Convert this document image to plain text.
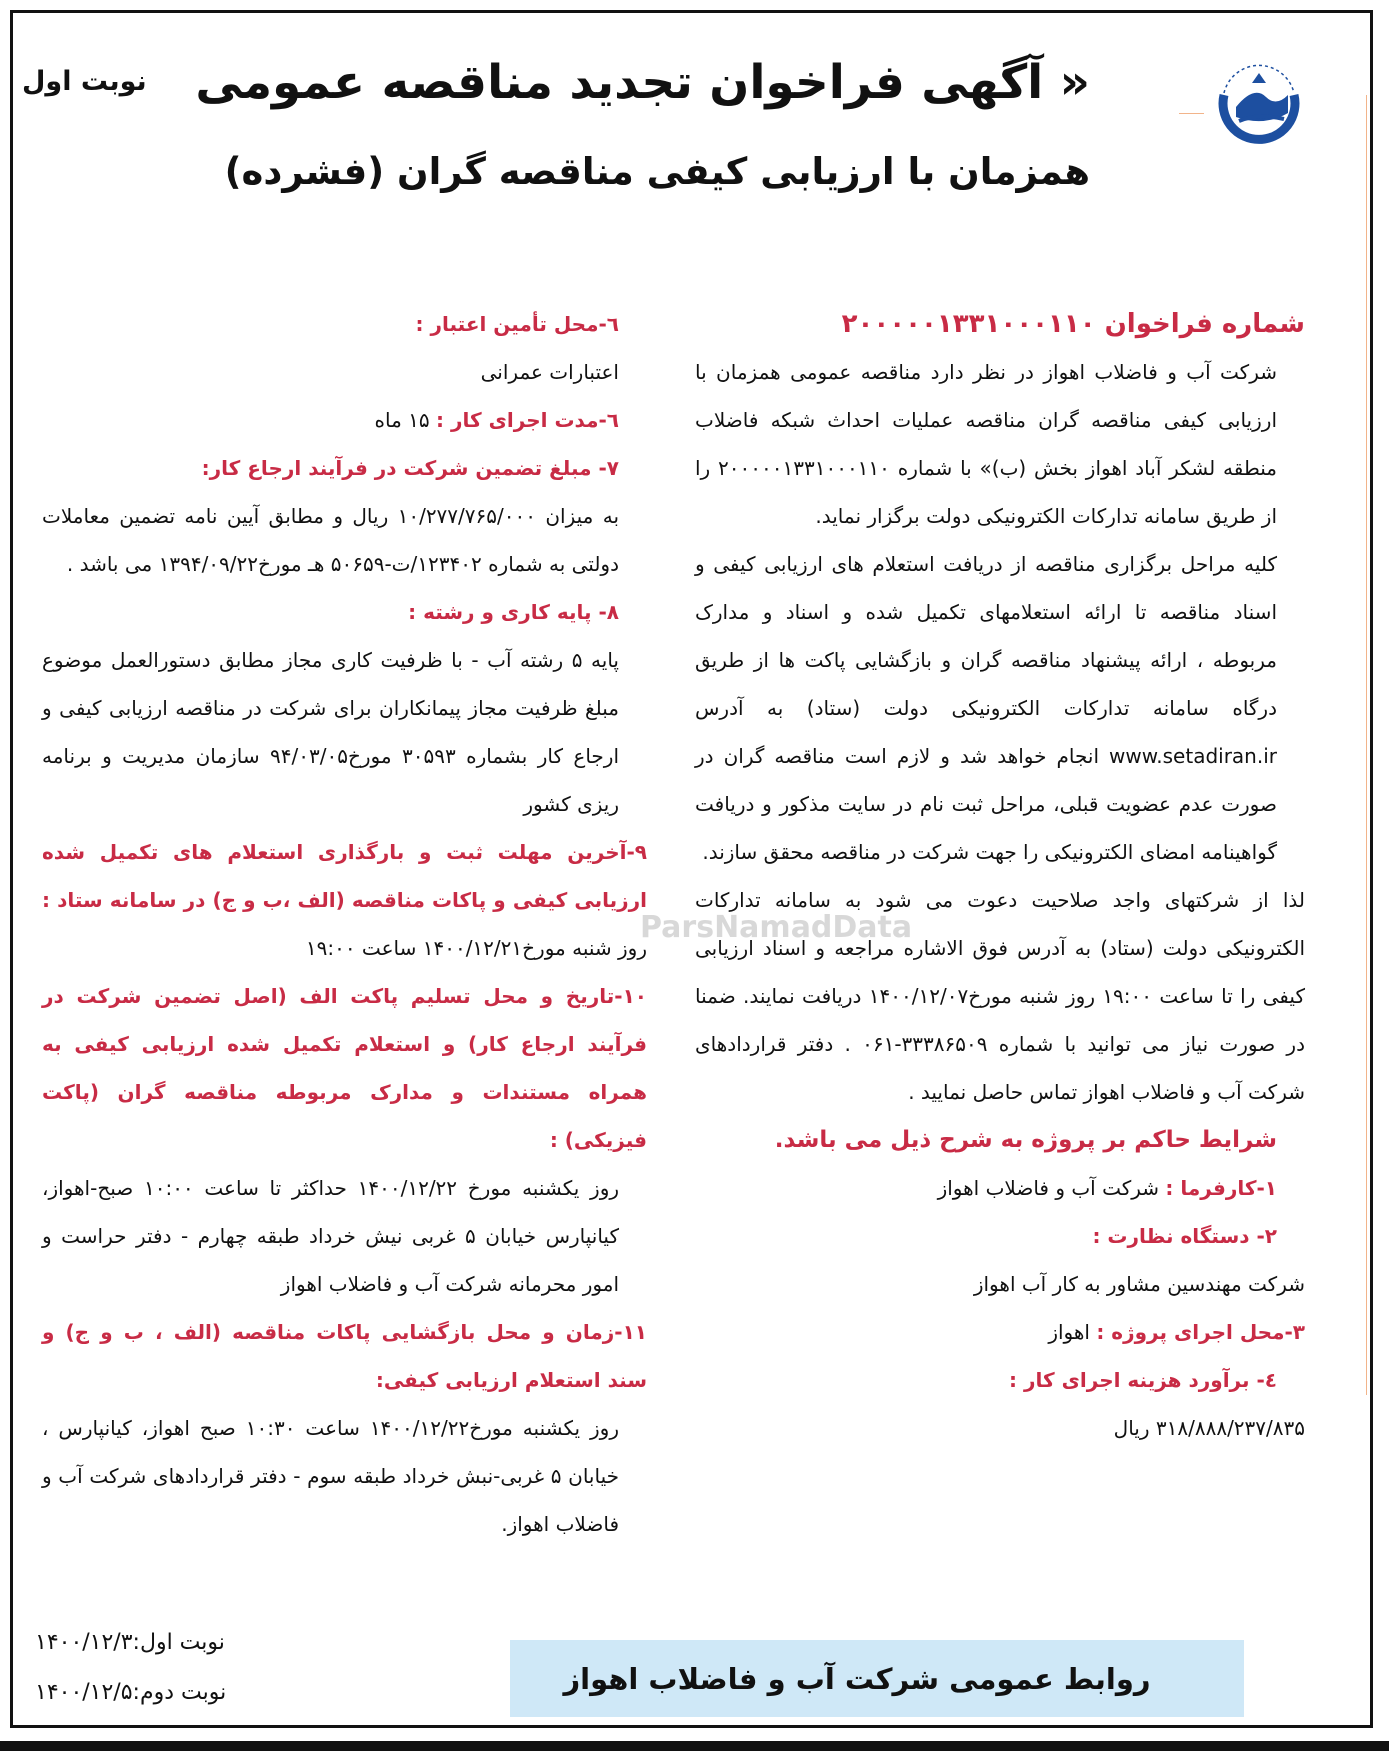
نوبت اول « آگهی فراخوان تجدید مناقصه عمومی
همزمان با ارزیابی کیفی مناقصه گران (فشرده)

شماره فراخوان ۲۰۰۰۰۰۱۳۳۱۰۰۰۱۱۰

شرکت آب و فاضلاب اهواز در نظر دارد مناقصه عمومی همزمان با ارزیابی کیفی مناقصه گران مناقصه عملیات احداث شبکه فاضلاب منطقه لشکر آباد اهواز بخش (ب)» با شماره ۲۰۰۰۰۰۱۳۳۱۰۰۰۱۱۰ را از طریق سامانه تدارکات الکترونیکی دولت برگزار نماید.

کلیه مراحل برگزاری مناقصه از دریافت استعلام های ارزیابی کیفی و اسناد مناقصه تا ارائه استعلامهای تکمیل شده و اسناد و مدارک مربوطه ، ارائه پیشنهاد مناقصه گران و بازگشایی پاکت ها از طریق درگاه سامانه تدارکات الکترونیکی دولت (ستاد) به آدرس www.setadiran.ir انجام خواهد شد و لازم است مناقصه گران در صورت عدم عضویت قبلی، مراحل ثبت نام در سایت مذکور و دریافت گواهینامه امضای الکترونیکی را جهت شرکت در مناقصه محقق سازند.

لذا از شرکتهای واجد صلاحیت دعوت می شود به سامانه تدارکات الکترونیکی دولت (ستاد) به آدرس فوق الاشاره مراجعه و اسناد ارزیابی کیفی را تا ساعت ۱۹:۰۰ روز شنبه مورخ۱۴۰۰/۱۲/۰۷ دریافت نمایند. ضمنا در صورت نیاز می توانید با شماره ۳۳۳۸۶۵۰۹-۰۶۱ . دفتر قراردادهای شرکت آب و فاضلاب اهواز تماس حاصل نمایید .

شرایط حاکم بر پروژه به شرح ذیل می باشد.

۱-کارفرما : شرکت آب و فاضلاب اهواز

۲- دستگاه نظارت :

شرکت مهندسین مشاور به کار آب اهواز

۳-محل اجرای پروژه : اهواز

٤- برآورد هزینه اجرای کار :

۳۱۸/۸۸۸/۲۳۷/۸۳۵ ریال

٦-محل تأمین اعتبار :

اعتبارات عمرانی

٦-مدت اجرای کار : ۱۵ ماه

۷- مبلغ تضمین شرکت در فرآیند ارجاع کار:

به میزان ۱۰/۲۷۷/۷۶۵/۰۰۰ ریال و مطابق آیین نامه تضمین معاملات دولتی به شماره ۱۲۳۴۰۲/ت-۵۰۶۵۹ هـ مورخ۱۳۹۴/۰۹/۲۲ می باشد .

۸- پایه کاری و رشته :

پایه ۵ رشته آب - با ظرفیت کاری مجاز مطابق دستورالعمل موضوع مبلغ ظرفیت مجاز پیمانکاران برای شرکت در مناقصه ارزیابی کیفی و ارجاع کار بشماره ۳۰۵۹۳ مورخ۹۴/۰۳/۰۵ سازمان مدیریت و برنامه ریزی کشور

۹-آخرین مهلت ثبت و بارگذاری استعلام های تکمیل شده ارزیابی کیفی و پاکات مناقصه (الف ،ب و ج) در سامانه ستاد : روز شنبه مورخ۱۴۰۰/۱۲/۲۱ ساعت ۱۹:۰۰

۱۰-تاریخ و محل تسلیم پاکت الف (اصل تضمین شرکت در فرآیند ارجاع کار) و استعلام تکمیل شده ارزیابی کیفی به همراه مستندات و مدارک مربوطه مناقصه گران (پاکت فیزیکی) :

روز یکشنبه مورخ ۱۴۰۰/۱۲/۲۲ حداکثر تا ساعت ۱۰:۰۰ صبح-اهواز، کیانپارس خیابان ۵ غربی نیش خرداد طبقه چهارم - دفتر حراست و امور محرمانه شرکت آب و فاضلاب اهواز

۱۱-زمان و محل بازگشایی پاکات مناقصه (الف ، ب و ج) و سند استعلام ارزیابی کیفی:

روز یکشنبه مورخ۱۴۰۰/۱۲/۲۲ ساعت ۱۰:۳۰ صبح اهواز، کیانپارس ، خیابان ۵ غربی-نبش خرداد طبقه سوم - دفتر قراردادهای شرکت آب و فاضلاب اهواز.

ParsNamadData
نوبت اول:۱۴۰۰/۱۲/۳
نوبت دوم:۱۴۰۰/۱۲/۵	روابط عمومی شرکت آب و فاضلاب اهواز
